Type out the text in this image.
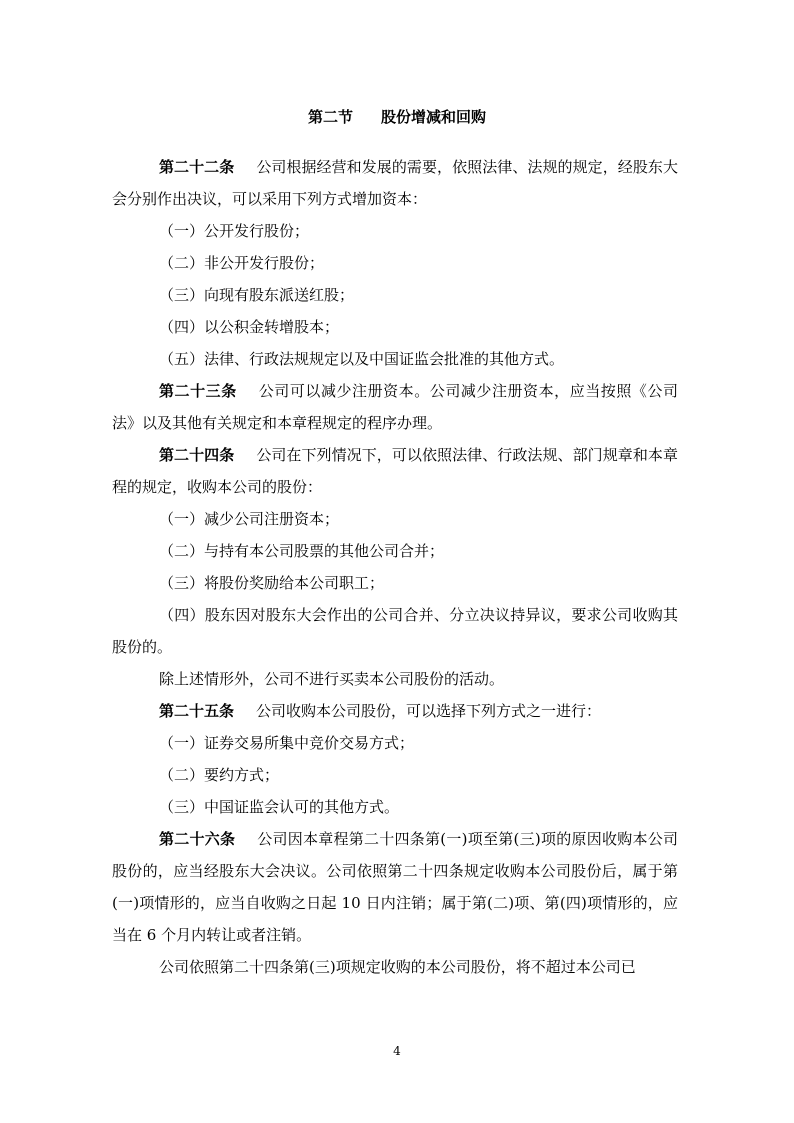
第二节 股份增减和回购

第二十二条 公司根据经营和发展的需要，依照法律、法规的规定，经股东大会分别作出决议，可以采用下列方式增加资本：

（一）公开发行股份；

（二）非公开发行股份；

（三）向现有股东派送红股；

（四）以公积金转增股本；

（五）法律、行政法规规定以及中国证监会批准的其他方式。

第二十三条 公司可以减少注册资本。公司减少注册资本，应当按照《公司法》以及其他有关规定和本章程规定的程序办理。

第二十四条 公司在下列情况下，可以依照法律、行政法规、部门规章和本章程的规定，收购本公司的股份：

（一）减少公司注册资本；

（二）与持有本公司股票的其他公司合并；

（三）将股份奖励给本公司职工；

（四）股东因对股东大会作出的公司合并、分立决议持异议，要求公司收购其股份的。

除上述情形外，公司不进行买卖本公司股份的活动。

第二十五条 公司收购本公司股份，可以选择下列方式之一进行：

（一）证券交易所集中竞价交易方式；

（二）要约方式；

（三）中国证监会认可的其他方式。

第二十六条 公司因本章程第二十四条第(一)项至第(三)项的原因收购本公司股份的，应当经股东大会决议。公司依照第二十四条规定收购本公司股份后，属于第(一)项情形的，应当自收购之日起 10 日内注销；属于第(二)项、第(四)项情形的，应当在 6 个月内转让或者注销。

公司依照第二十四条第(三)项规定收购的本公司股份，将不超过本公司已

4
